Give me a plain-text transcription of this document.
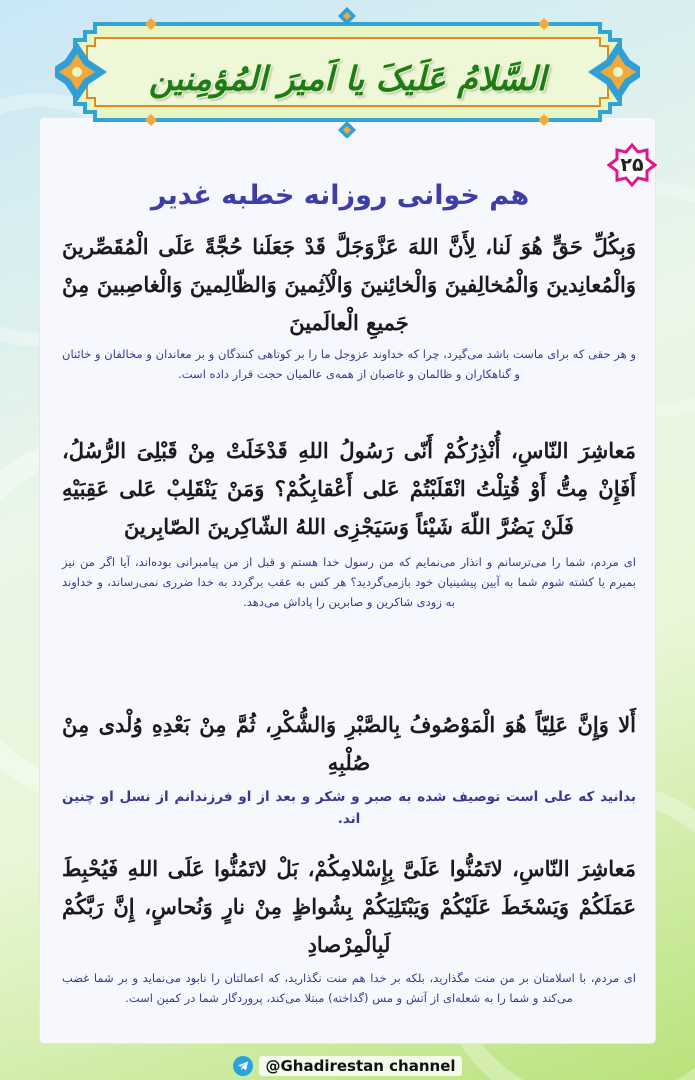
السَّلامُ عَلَیکَ یا اَمیرَ المُؤمِنین
۲۵
هم خوانی روزانه خطبه غدیر

وَبِکُلِّ حَقٍّ هُوَ لَنا، لِأَنَّ اللهَ عَزَّوَجَلَّ قَدْ جَعَلَنا حُجَّةً عَلَی الْمُقَصِّرینَ وَالْمُعانِدینَ وَالْمُخالِفینَ وَالْخائِنینَ وَالْآثِمینَ وَالظّالِمینَ وَالْغاصِبینَ مِنْ جَمیعِ الْعالَمینَ

و هر حقی که برای ماست باشد می‌گیرد، چرا که خداوند عزوجل ما را بر کوتاهی کنندگان و بر معاندان و مخالفان و خائنان و گناهکاران و ظالمان و غاصبان از همه‌ی عالمیان حجت قرار داده است.

مَعاشِرَ النّاسِ، أُنْذِرُکُمْ أَنّی رَسُولُ اللهِ قَدْخَلَتْ مِنْ قَبْلِیَ الرُّسُلُ، أَفَإِنْ مِتُّ أَوْ قُتِلْتُ انْقَلَبْتُمْ عَلی أَعْقابِکُمْ؟ وَمَنْ یَنْقَلِبْ عَلی عَقِبَیْهِ فَلَنْ یَضُرَّ اللّهَ شَیْئاً وَسَیَجْزِی اللهُ الشّاکِرینَ الصّابِرینَ

ای مردم، شما را می‌ترسانم و انذار می‌نمایم که من رسول خدا هستم و قبل از من پیامبرانی بوده‌اند، آیا اگر من نیز بمیرم یا کشته شوم شما به آیین پیشینیان خود بازمی‌گردید؟ هر کس به عقب برگردد به خدا ضرری نمی‌رساند، و خداوند به زودی شاکرین و صابرین را پاداش می‌دهد.

أَلا وَإِنَّ عَلِیّاً هُوَ الْمَوْصُوفُ بِالصَّبْرِ وَالشُّکْرِ، ثُمَّ مِنْ بَعْدِهِ وُلْدی مِنْ صُلْبِهِ

بدانید که علی است توصیف شده به صبر و شکر و بعد از او فرزندانم از نسل او چنین اند.

مَعاشِرَ النّاسِ، لاتَمُنُّوا عَلَیَّ بِإِسْلامِکُمْ، بَلْ لاتَمُنُّوا عَلَی اللهِ فَیُحْبِطَ عَمَلَکُمْ وَیَسْخَطَ عَلَیْکُمْ وَیَبْتَلِیَکُمْ بِشُواظٍ مِنْ نارٍ وَنُحاسٍ، إِنَّ رَبَّکُمْ لَبِالْمِرْصادِ

ای مردم، با اسلامتان بر من منت مگذارید، بلکه بر خدا هم منت نگذارید، که اعمالتان را نابود می‌نماید و بر شما غضب می‌کند و شما را به شعله‌ای از آتش و مس (گداخته) مبتلا می‌کند، پروردگار شما در کمین است.

@Ghadirestan channel
